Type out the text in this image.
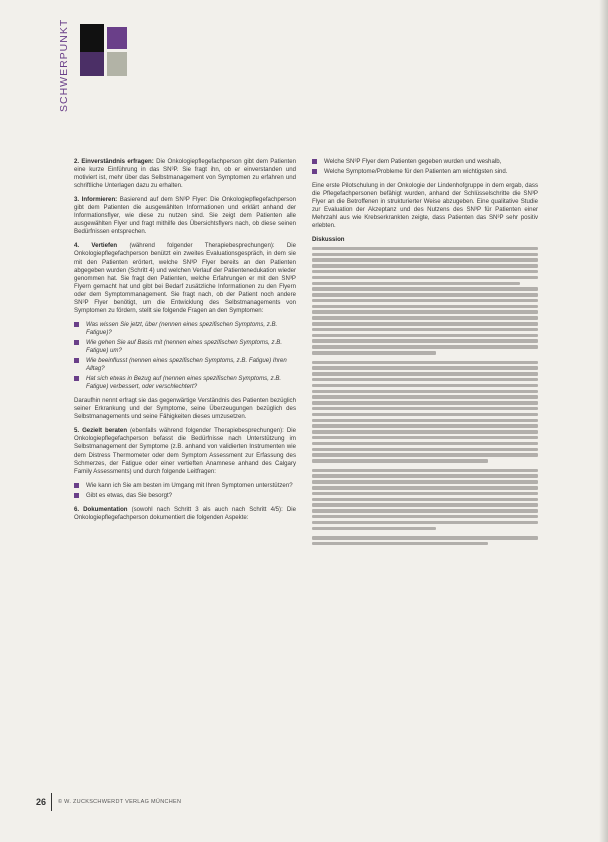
SCHWERPUNKT

2. Einverständnis erfragen: Die Onkologiepflegefachperson gibt dem Patienten eine kurze Einführung in das SN³P. Sie fragt ihn, ob er einverstanden und motiviert ist, mehr über das Selbstmanagement von Symptomen zu erfahren und schriftliche Unterlagen dazu zu erhalten.

3. Informieren: Basierend auf dem SN³P Flyer: Die Onkologiepflegefachperson gibt dem Patienten die ausgewählten Informationen und erklärt anhand der Informationsflyer, wie diese zu nutzen sind. Sie zeigt dem Patienten alle ausgewählten Flyer und fragt mithilfe des Übersichtsflyers nach, ob diese seinen Bedürfnissen entsprechen.

4. Vertiefen (während folgender Therapiebesprechungen): Die Onkologiepflegefachperson benützt ein zweites Evaluationsgespräch, in dem sie mit den Patienten erörtert, welche SN³P Flyer bereits an den Patienten abgegeben wurden (Schritt 4) und welchen Verlauf der Patientenedukation wieder genommen hat. Sie fragt den Patienten, welche Erfahrungen er mit den SN³P Flyern gemacht hat und gibt bei Bedarf zusätzliche Informationen zu den Flyern oder dem Symptommanagement. Sie fragt nach, ob der Patient noch andere SN³P Flyer benötigt, um die Entwicklung des Selbstmanagements von Symptomen zu fördern, stellt sie folgende Fragen an den Symptomen:

Was wissen Sie jetzt, über (nennen eines spezifischen Symptoms, z.B. Fatigue)?
Wie gehen Sie auf Basis mit (nennen eines spezifischen Symptoms, z.B. Fatigue) um?
Wie beeinflusst (nennen eines spezifischen Symptoms, z.B. Fatigue) Ihren Alltag?
Hat sich etwas in Bezug auf (nennen eines spezifischen Symptoms, z.B. Fatigue) verbessert, oder verschlechtert?

Daraufhin nennt erfragt sie das gegenwärtige Verständnis des Patienten bezüglich seiner Erkrankung und der Symptome, seine Überzeugungen bezüglich des Selbstmanagements und seine Fähigkeiten dieses umzusetzen.

5. Gezielt beraten (ebenfalls während folgender Therapiebesprechungen): Die Onkologiepflegefachperson befasst die Bedürfnisse nach Unterstützung im Selbstmanagement der Symptome (z.B. anhand von validierten Instrumenten wie dem Distress Thermometer oder dem Symptom Assessment zur Erfassung des Schmerzes, der Fatigue oder einer vertieften Anamnese anhand des Calgary Family Assessments) und durch folgende Leitfragen:

Wie kann ich Sie am besten im Umgang mit Ihren Symptomen unterstützen?
Gibt es etwas, das Sie besorgt?

6. Dokumentation (sowohl nach Schritt 3 als auch nach Schritt 4/5): Die Onkologiepflegefachperson dokumentiert die folgenden Aspekte:

Welche SN³P Flyer dem Patienten gegeben wurden und weshalb,
Welche Symptome/Probleme für den Patienten am wichtigsten sind.

Eine erste Pilotschulung in der Onkologie der Lindenhofgruppe in dem ergab, dass die Pflegefachpersonen befähigt wurden, anhand der Schlüsselschritte die SN³P Flyer an die Betroffenen in strukturierter Weise abzugeben. Eine qualitative Studie zur Evaluation der Akzeptanz und des Nutzens des SN³P für Patienten einer Mehrzahl aus wie Krebserkrankten zeigte, dass Patienten das SN³P sehr positiv erlebten.

Diskussion

26 © W. ZUCKSCHWERDT VERLAG MÜNCHEN
